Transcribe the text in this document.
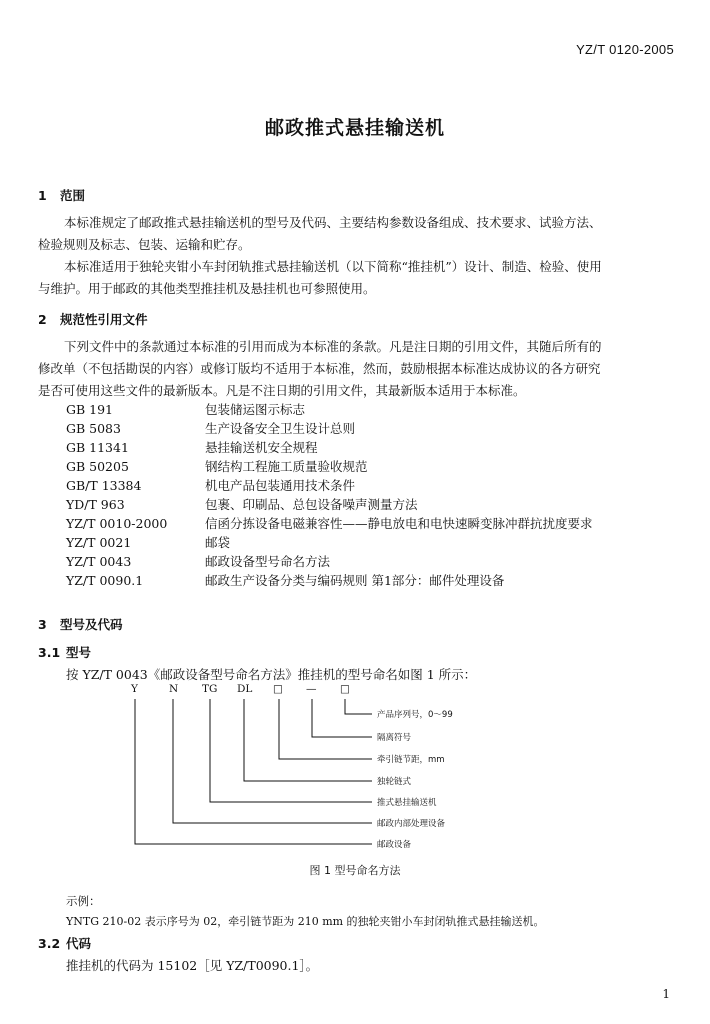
YZ/T 0120-2005
邮政推式悬挂输送机
1 范围
本标准规定了邮政推式悬挂输送机的型号及代码、主要结构参数设备组成、技术要求、试验方法、
检验规则及标志、包装、运输和贮存。
本标准适用于独轮夹钳小车封闭轨推式悬挂输送机（以下简称“推挂机”）设计、制造、检验、使用
与维护。用于邮政的其他类型推挂机及悬挂机也可参照使用。
2 规范性引用文件
下列文件中的条款通过本标准的引用而成为本标准的条款。凡是注日期的引用文件，其随后所有的
修改单（不包括勘误的内容）或修订版均不适用于本标准，然而，鼓励根据本标准达成协议的各方研究
是否可使用这些文件的最新版本。凡是不注日期的引用文件，其最新版本适用于本标准。
GB 191	包装储运图示标志
GB 5083	生产设备安全卫生设计总则
GB 11341	悬挂输送机安全规程
GB 50205	钢结构工程施工质量验收规范
GB/T 13384	机电产品包装通用技术条件
YD/T 963	包裹、印刷品、总包设备噪声测量方法
YZ/T 0010-2000	信函分拣设备电磁兼容性——静电放电和电快速瞬变脉冲群抗扰度要求
YZ/T 0021	邮袋
YZ/T 0043	邮政设备型号命名方法
YZ/T 0090.1	邮政生产设备分类与编码规则 第1部分：邮件处理设备
3 型号及代码
3.1 型号
按 YZ/T 0043《邮政设备型号命名方法》推挂机的型号命名如图 1 所示：
Y	N TG DL □ — □
产品序列号，0～99
隔离符号
牵引链节距，mm
独轮链式
推式悬挂输送机
邮政内部处理设备
邮政设备
图 1 型号命名方法
示例：
YNTG 210-02 表示序号为 02，牵引链节距为 210 mm 的独轮夹钳小车封闭轨推式悬挂输送机。
3.2 代码
推挂机的代码为 15102［见 YZ/T0090.1］。
1
